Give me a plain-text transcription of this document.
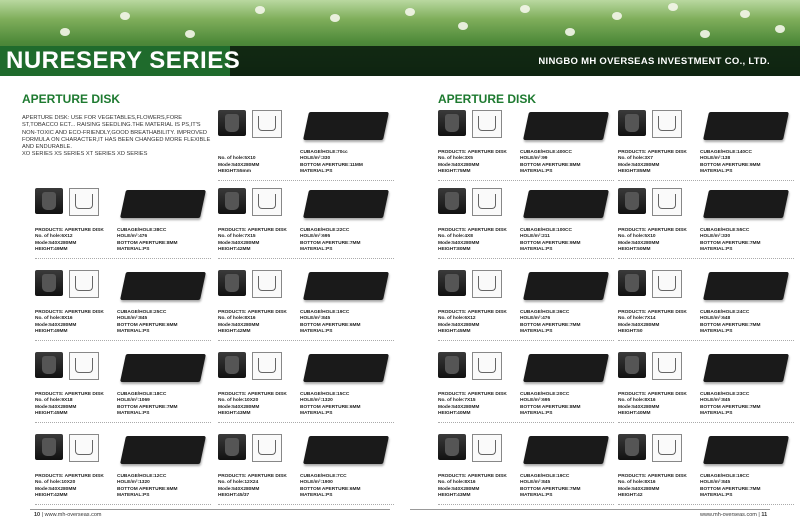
NURESERY SERIES	NINGBO MH OVERSEAS INVESTMENT CO., LTD.
APERTURE DISK
APERTURE DISK: USE FOR VEGETABLES,FLOWERS,FORE ST,TOBACCO ECT... RAISING SEEDLING.THE MATERIAL IS PS,IT'S NON-TOXIC AND ECO-FRIENDLY,GOOD BREATHABILITY. IMPROVED FORMULA ON CHARACTER,IT HAS BEEN CHANGED MORE FLEXIBLE AND ENDURABLE.
XO SERIES XS SERIES XT SERIES XD SERIES
APERTURE DISK
CUBAGE/HOLE:70cc
No. of hole:5X10	HOLE/m²:330
Mode:540X280MM	BOTTOM APERTURE:11MM
HEIGHT:55mm	MATERIAL:PS
PRODUCTS: APERTURE DISK	CUBAGE/HOLE:38CC
No. of hole:6X12	HOLE/m²:476
Mode:540X280MM	BOTTOM APERTURE:8MM
HEIGHT:49MM	MATERIAL:PS
PRODUCTS: APERTURE DISK	CUBAGE/HOLE:22CC
No. of hole:7X15	HOLE/m²:695
Mode:540X280MM	BOTTOM APERTURE:7MM
HEIGHT:42MM	MATERIAL:PS
PRODUCTS: APERTURE DISK	CUBAGE/HOLE:25CC
No. of hole:8X16	HOLE/m²:845
Mode:540X280MM	BOTTOM APERTURE:6MM
HEIGHT:49MM	MATERIAL:PS
PRODUCTS: APERTURE DISK	CUBAGE/HOLE:19CC
No. of hole:8X16	HOLE/m²:845
Mode:540X280MM	BOTTOM APERTURE:6MM
HEIGHT:42MM	MATERIAL:PS
PRODUCTS: APERTURE DISK	CUBAGE/HOLE:18CC
No. of hole:9X18	HOLE/m²:1069
Mode:540X280MM	BOTTOM APERTURE:7MM
HEIGHT:45MM	MATERIAL:PS
PRODUCTS: APERTURE DISK	CUBAGE/HOLE:15CC
No. of hole:10X20	HOLE/m²:1320
Mode:540X280MM	BOTTOM APERTURE:6MM
HEIGHT:43MM	MATERIAL:PS
PRODUCTS: APERTURE DISK	CUBAGE/HOLE:12CC
No. of hole:10X20	HOLE/m²:1320
Mode:540X280MM	BOTTOM APERTURE:6MM
HEIGHT:42MM	MATERIAL:PS
PRODUCTS: APERTURE DISK	CUBAGE/HOLE:7CC
No. of hole:12X24	HOLE/m²:1900
Mode:540X280MM	BOTTOM APERTURE:6MM
HEIGHT:45/37	MATERIAL:PS
PRODUCTS: APERTURE DISK	CUBAGE/HOLE:400CC
No. of hole:3X5	HOLE/m²:99
Mode:540X280MM	BOTTOM APERTURE:8MM
HEIGHT:75MM	MATERIAL:PS
PRODUCTS: APERTURE DISK	CUBAGE/HOLE:140CC
No. of hole:3X7	HOLE/m²:138
Mode:540X280MM	BOTTOM APERTURE:9MM
HEIGHT:85MM	MATERIAL:PS
PRODUCTS: APERTURE DISK	CUBAGE/HOLE:100CC
No. of hole:4X8	HOLE/m²:211
Mode:540X280MM	BOTTOM APERTURE:9MM
HEIGHT:80MM	MATERIAL:PS
PRODUCTS: APERTURE DISK	CUBAGE/HOLE:55CC
No. of hole:5X10	HOLE/m²:330
Mode:540X280MM	BOTTOM APERTURE:7MM
HEIGHT:50MM	MATERIAL:PS
PRODUCTS: APERTURE DISK	CUBAGE/HOLE:36CC
No. of hole:6X12	HOLE/m²:476
Mode:540X280MM	BOTTOM APERTURE:7MM
HEIGHT:45MM	MATERIAL:PS
PRODUCTS: APERTURE DISK	CUBAGE/HOLE:24CC
No. of hole:7X14	HOLE/m²:648
Mode:540X280MM	BOTTOM APERTURE:7MM
HEIGHT:50	MATERIAL:PS
PRODUCTS: APERTURE DISK	CUBAGE/HOLE:20CC
No. of hole:7X15	HOLE/m²:695
Mode:540X280MM	BOTTOM APERTURE:8MM
HEIGHT:40MM	MATERIAL:PS
PRODUCTS: APERTURE DISK	CUBAGE/HOLE:23CC
No. of hole:8X16	HOLE/m²:845
Mode:540X280MM	BOTTOM APERTURE:7MM
HEIGHT:40MM	MATERIAL:PS
PRODUCTS: APERTURE DISK	CUBAGE/HOLE:19CC
No. of hole:8X16	HOLE/m²:845
Mode:540X280MM	BOTTOM APERTURE:7MM
HEIGHT:43MM	MATERIAL:PS
PRODUCTS: APERTURE DISK	CUBAGE/HOLE:19CC
No. of hole:8X16	HOLE/m²:845
Mode:540X280MM	BOTTOM APERTURE:7MM
HEIGHT:42	MATERIAL:PS
10 | www.mh-overseas.com	www.mh-overseas.com | 11
